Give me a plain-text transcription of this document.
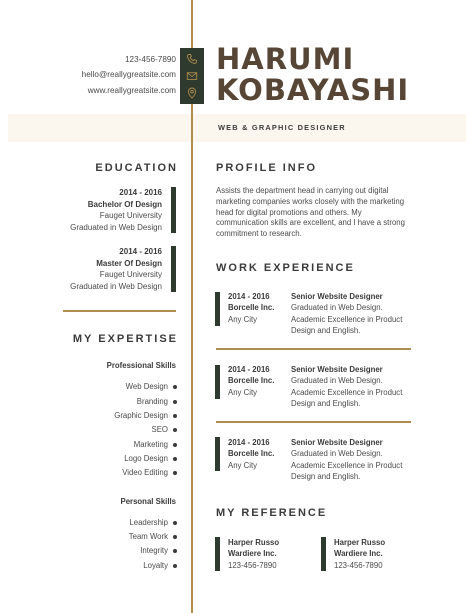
123-456-7890
hello@reallygreatsite.com
www.reallygreatsite.com
HARUMI
KOBAYASHI
WEB & GRAPHIC DESIGNER
EDUCATION
2014 - 2016
Bachelor Of Design
Fauget University
Graduated in Web Design
2014 - 2016
Master Of Design
Fauget University
Graduated in Web Design
MY EXPERTISE
Professional Skills
Web Design
Branding
Graphic Design
SEO
Marketing
Logo Design
Video Editing
Personal Skills
Leadership
Team Work
Integrity
Loyalty
PROFILE INFO
Assists the department head in carrying out digital marketing companies works closely with the marketing head for digital promotions and others. My communication skills are excellent, and I have a strong commitment to research.
WORK EXPERIENCE
2014 - 2016
Borcelle Inc.
Any City
Senior Website Designer
Graduated in Web Design.
Academic Excellence in Product
Design and English.
2014 - 2016
Borcelle Inc.
Any City
Senior Website Designer
Graduated in Web Design.
Academic Excellence in Product
Design and English.
2014 - 2016
Borcelle Inc.
Any City
Senior Website Designer
Graduated in Web Design.
Academic Excellence in Product
Design and English.
MY REFERENCE
Harper Russo
Wardiere Inc.
123-456-7890
Harper Russo
Wardiere Inc.
123-456-7890
